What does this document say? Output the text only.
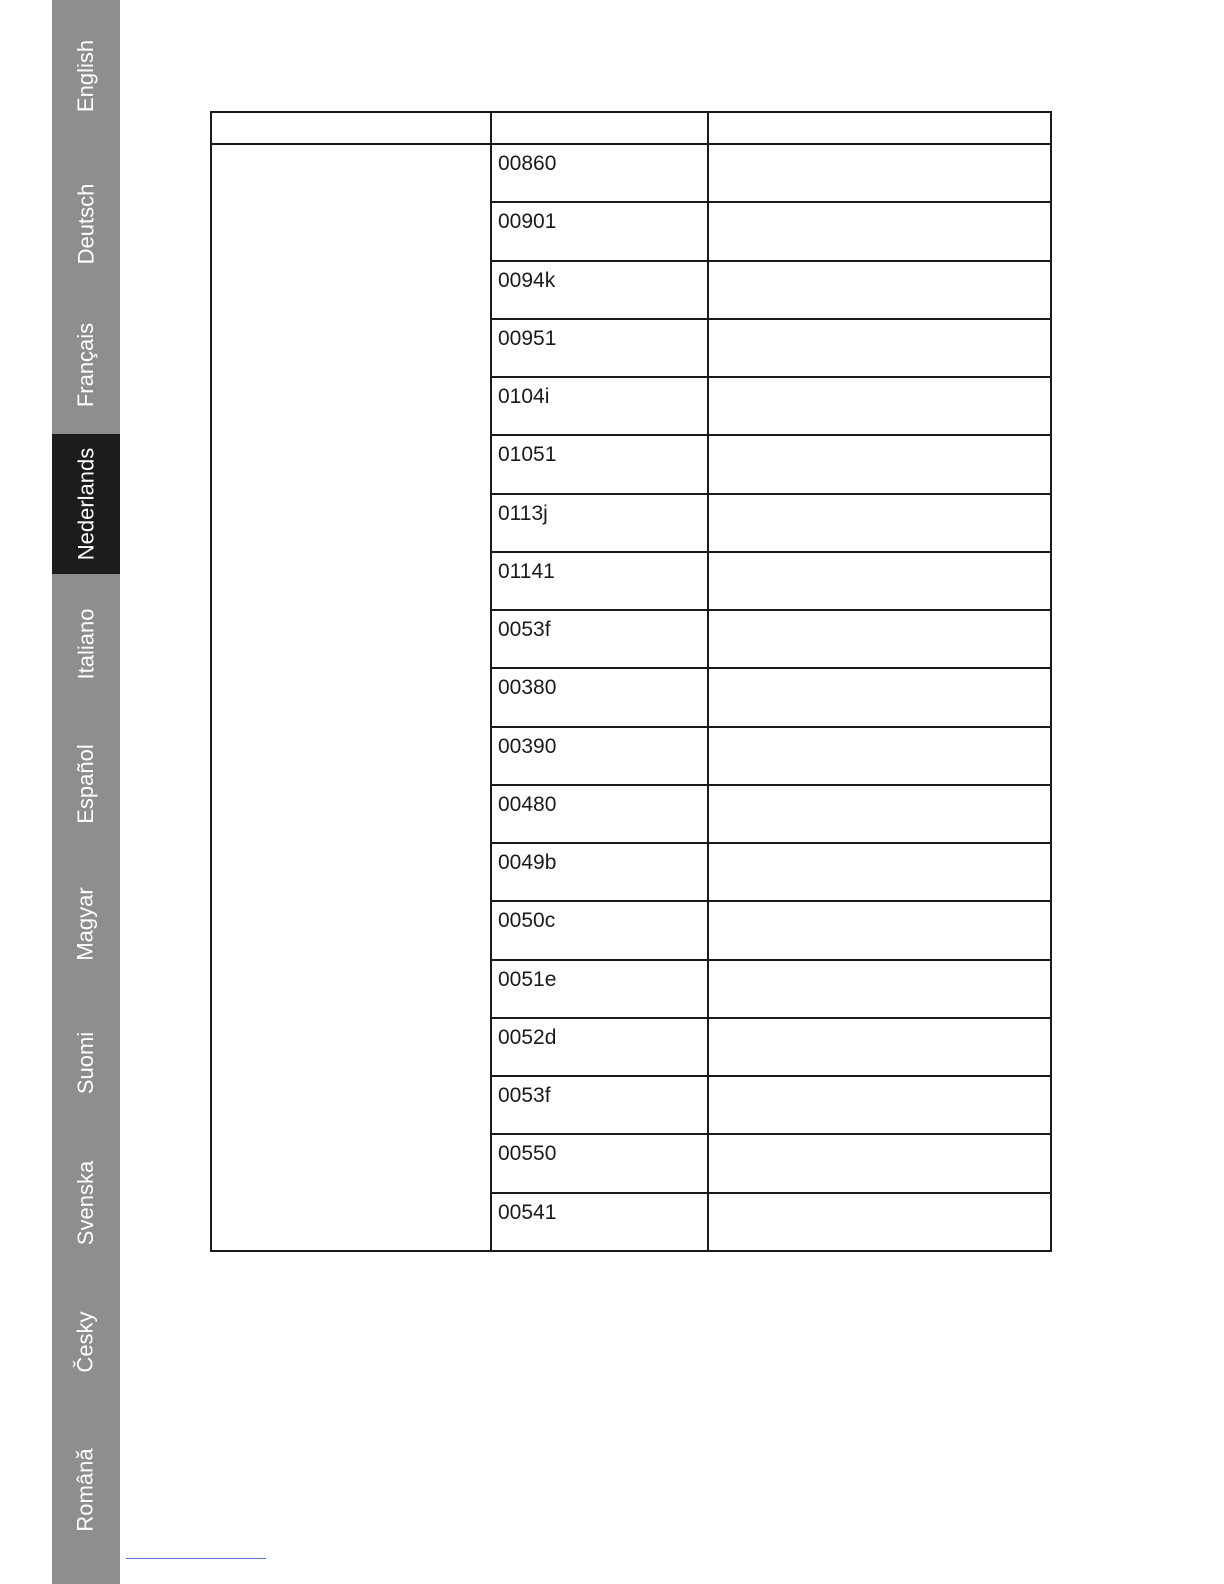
English
Deutsch
Français
Nederlands
Italiano
Español
Magyar
Suomi
Svenska
Česky
Română

	00860	
	00901	
	0094k	
	00951	
	0104i	
	01051	
	0113j	
	01141	
	0053f	
	00380	
	00390	
	00480	
	0049b	
	0050c	
	0051e	
	0052d	
	0053f	
	00550	
	00541	
